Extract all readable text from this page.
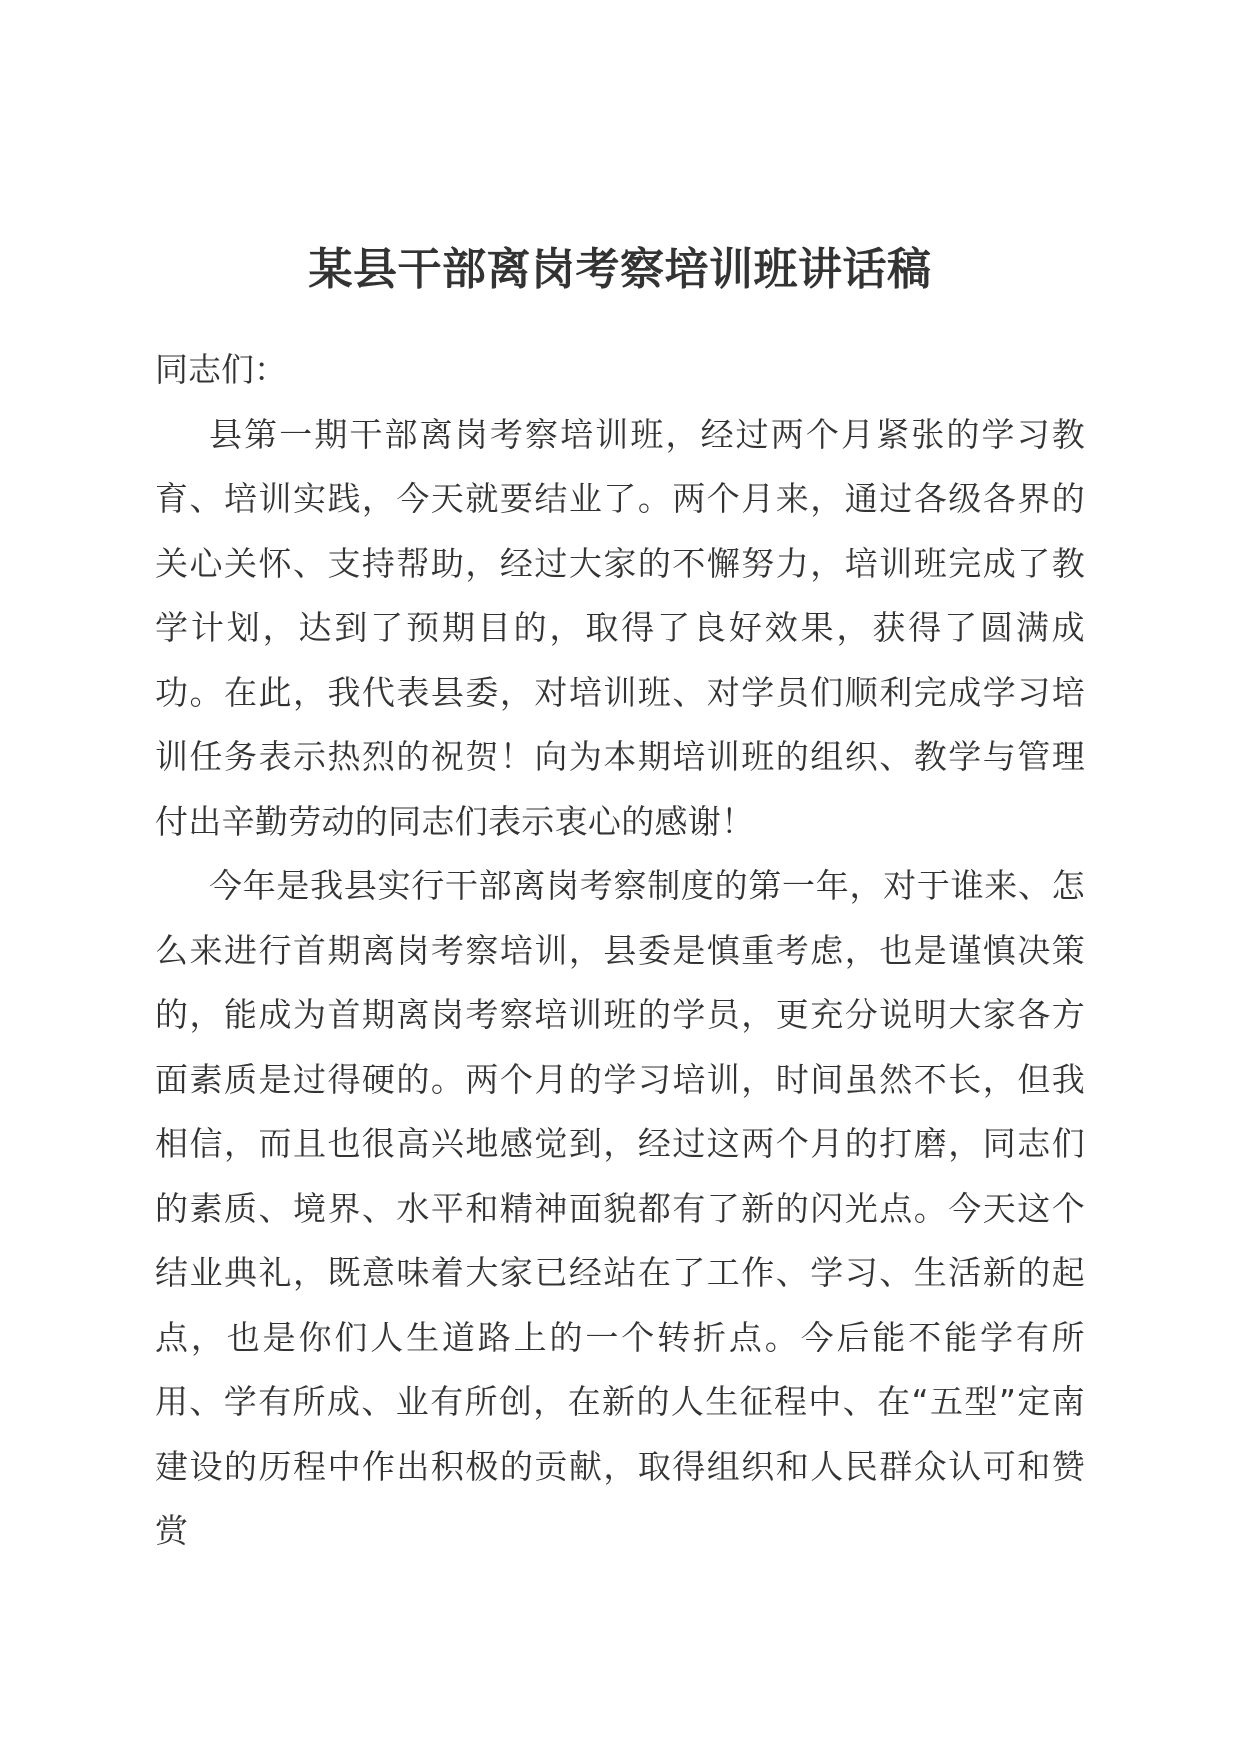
某县干部离岗考察培训班讲话稿

同志们：

县第一期干部离岗考察培训班，经过两个月紧张的学习教育、培训实践，今天就要结业了。两个月来，通过各级各界的关心关怀、支持帮助，经过大家的不懈努力，培训班完成了教学计划，达到了预期目的，取得了良好效果，获得了圆满成功。在此，我代表县委，对培训班、对学员们顺利完成学习培训任务表示热烈的祝贺！向为本期培训班的组织、教学与管理付出辛勤劳动的同志们表示衷心的感谢！

今年是我县实行干部离岗考察制度的第一年，对于谁来、怎么来进行首期离岗考察培训，县委是慎重考虑，也是谨慎决策的，能成为首期离岗考察培训班的学员，更充分说明大家各方面素质是过得硬的。两个月的学习培训，时间虽然不长，但我相信，而且也很高兴地感觉到，经过这两个月的打磨，同志们的素质、境界、水平和精神面貌都有了新的闪光点。今天这个结业典礼，既意味着大家已经站在了工作、学习、生活新的起点，也是你们人生道路上的一个转折点。今后能不能学有所用、学有所成、业有所创，在新的人生征程中、在“五型”定南建设的历程中作出积极的贡献，取得组织和人民群众认可和赞赏
